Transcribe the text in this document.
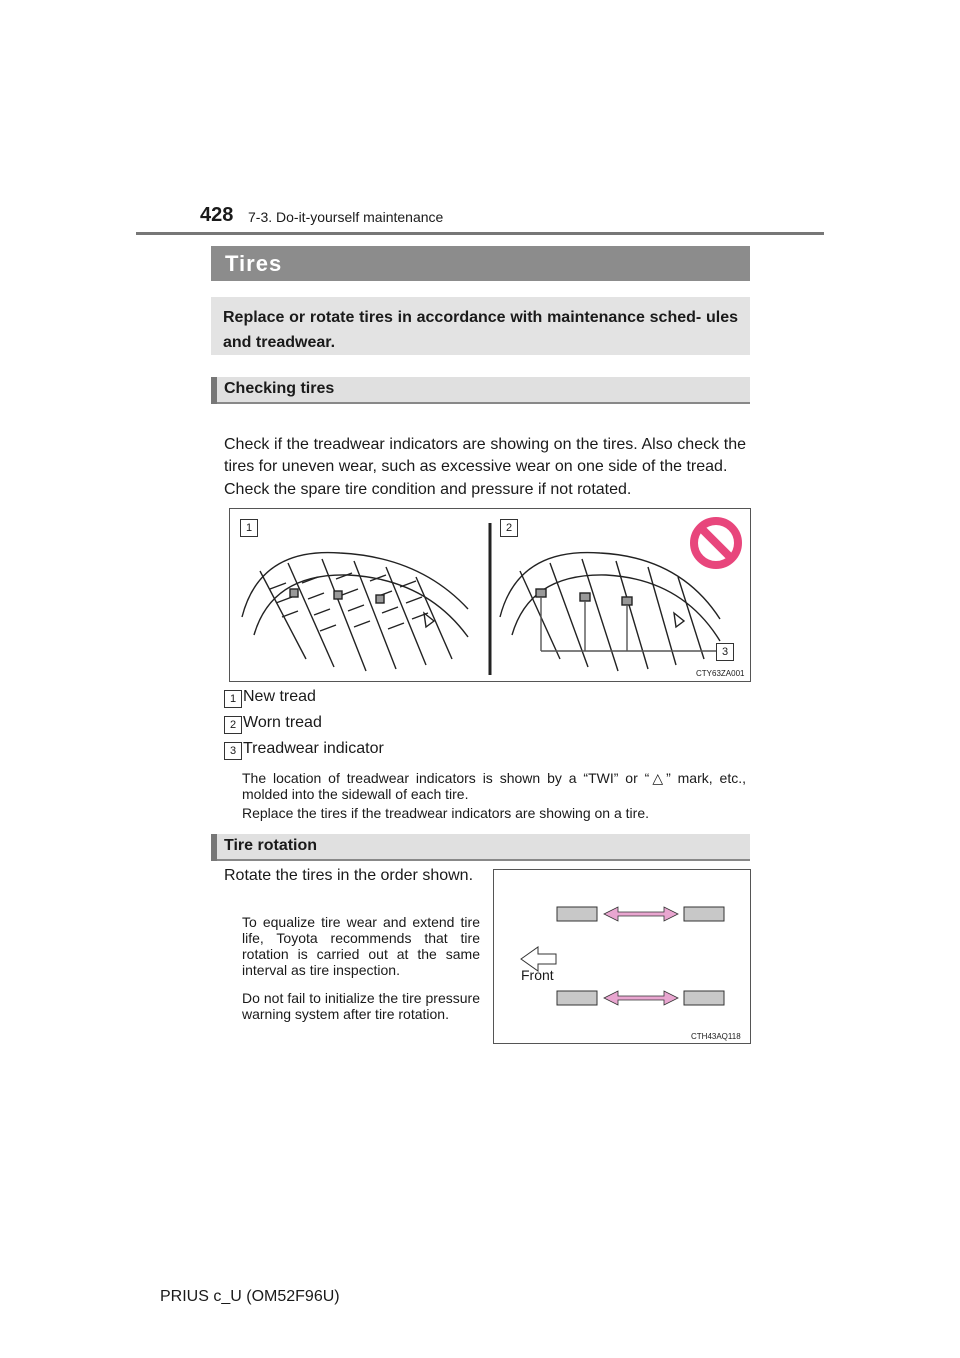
428 7-3. Do-it-yourself maintenance
Tires
Replace or rotate tires in accordance with maintenance sched- ules and treadwear.
Checking tires
Check if the treadwear indicators are showing on the tires. Also check the tires for uneven wear, such as excessive wear on one side of the tread.
Check the spare tire condition and pressure if not rotated.
1	2
3
CTY63ZA001
1 New tread
2 Worn tread
3 Treadwear indicator
The location of treadwear indicators is shown by a “TWI” or “△” mark, etc., molded into the sidewall of each tire.
Replace the tires if the treadwear indicators are showing on a tire.
Tire rotation
Rotate the tires in the order shown.
To equalize tire wear and extend tire life, Toyota recommends that tire rotation is carried out at the same interval as tire inspection.
Do not fail to initialize the tire pressure warning system after tire rotation.
Front
CTH43AQ118
PRIUS c_U (OM52F96U)
